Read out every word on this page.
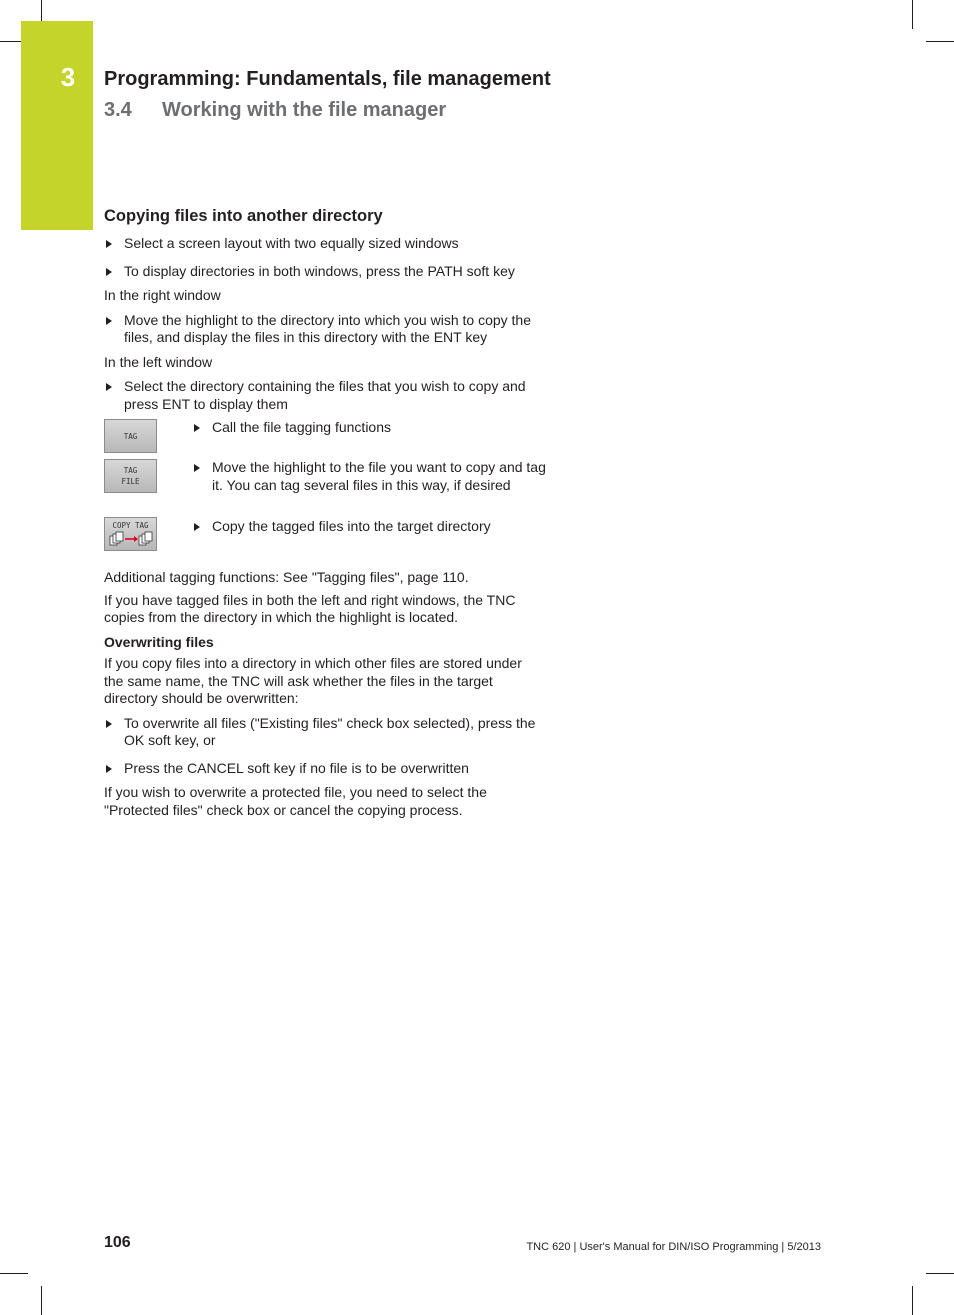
3 Programming: Fundamentals, file management
3.4 Working with the file manager
Copying files into another directory
Select a screen layout with two equally sized windows
To display directories in both windows, press the PATH soft key

In the right window

Move the highlight to the directory into which you wish to copy the files, and display the files in this directory with the ENT key

In the left window

Select the directory containing the files that you wish to copy and press ENT to display them
TAG
Call the file tagging functions
TAG
FILE
Move the highlight to the file you want to copy and tag it. You can tag several files in this way, if desired
COPY TAG	Copy the tagged files into the target directory

Additional tagging functions: See "Tagging files", page 110.

If you have tagged files in both the left and right windows, the TNC copies from the directory in which the highlight is located.

Overwriting files

If you copy files into a directory in which other files are stored under the same name, the TNC will ask whether the files in the target directory should be overwritten:

To overwrite all files ("Existing files" check box selected), press the OK soft key, or
Press the CANCEL soft key if no file is to be overwritten

If you wish to overwrite a protected file, you need to select the "Protected files" check box or cancel the copying process.

106	TNC 620 | User's Manual for DIN/ISO Programming | 5/2013
